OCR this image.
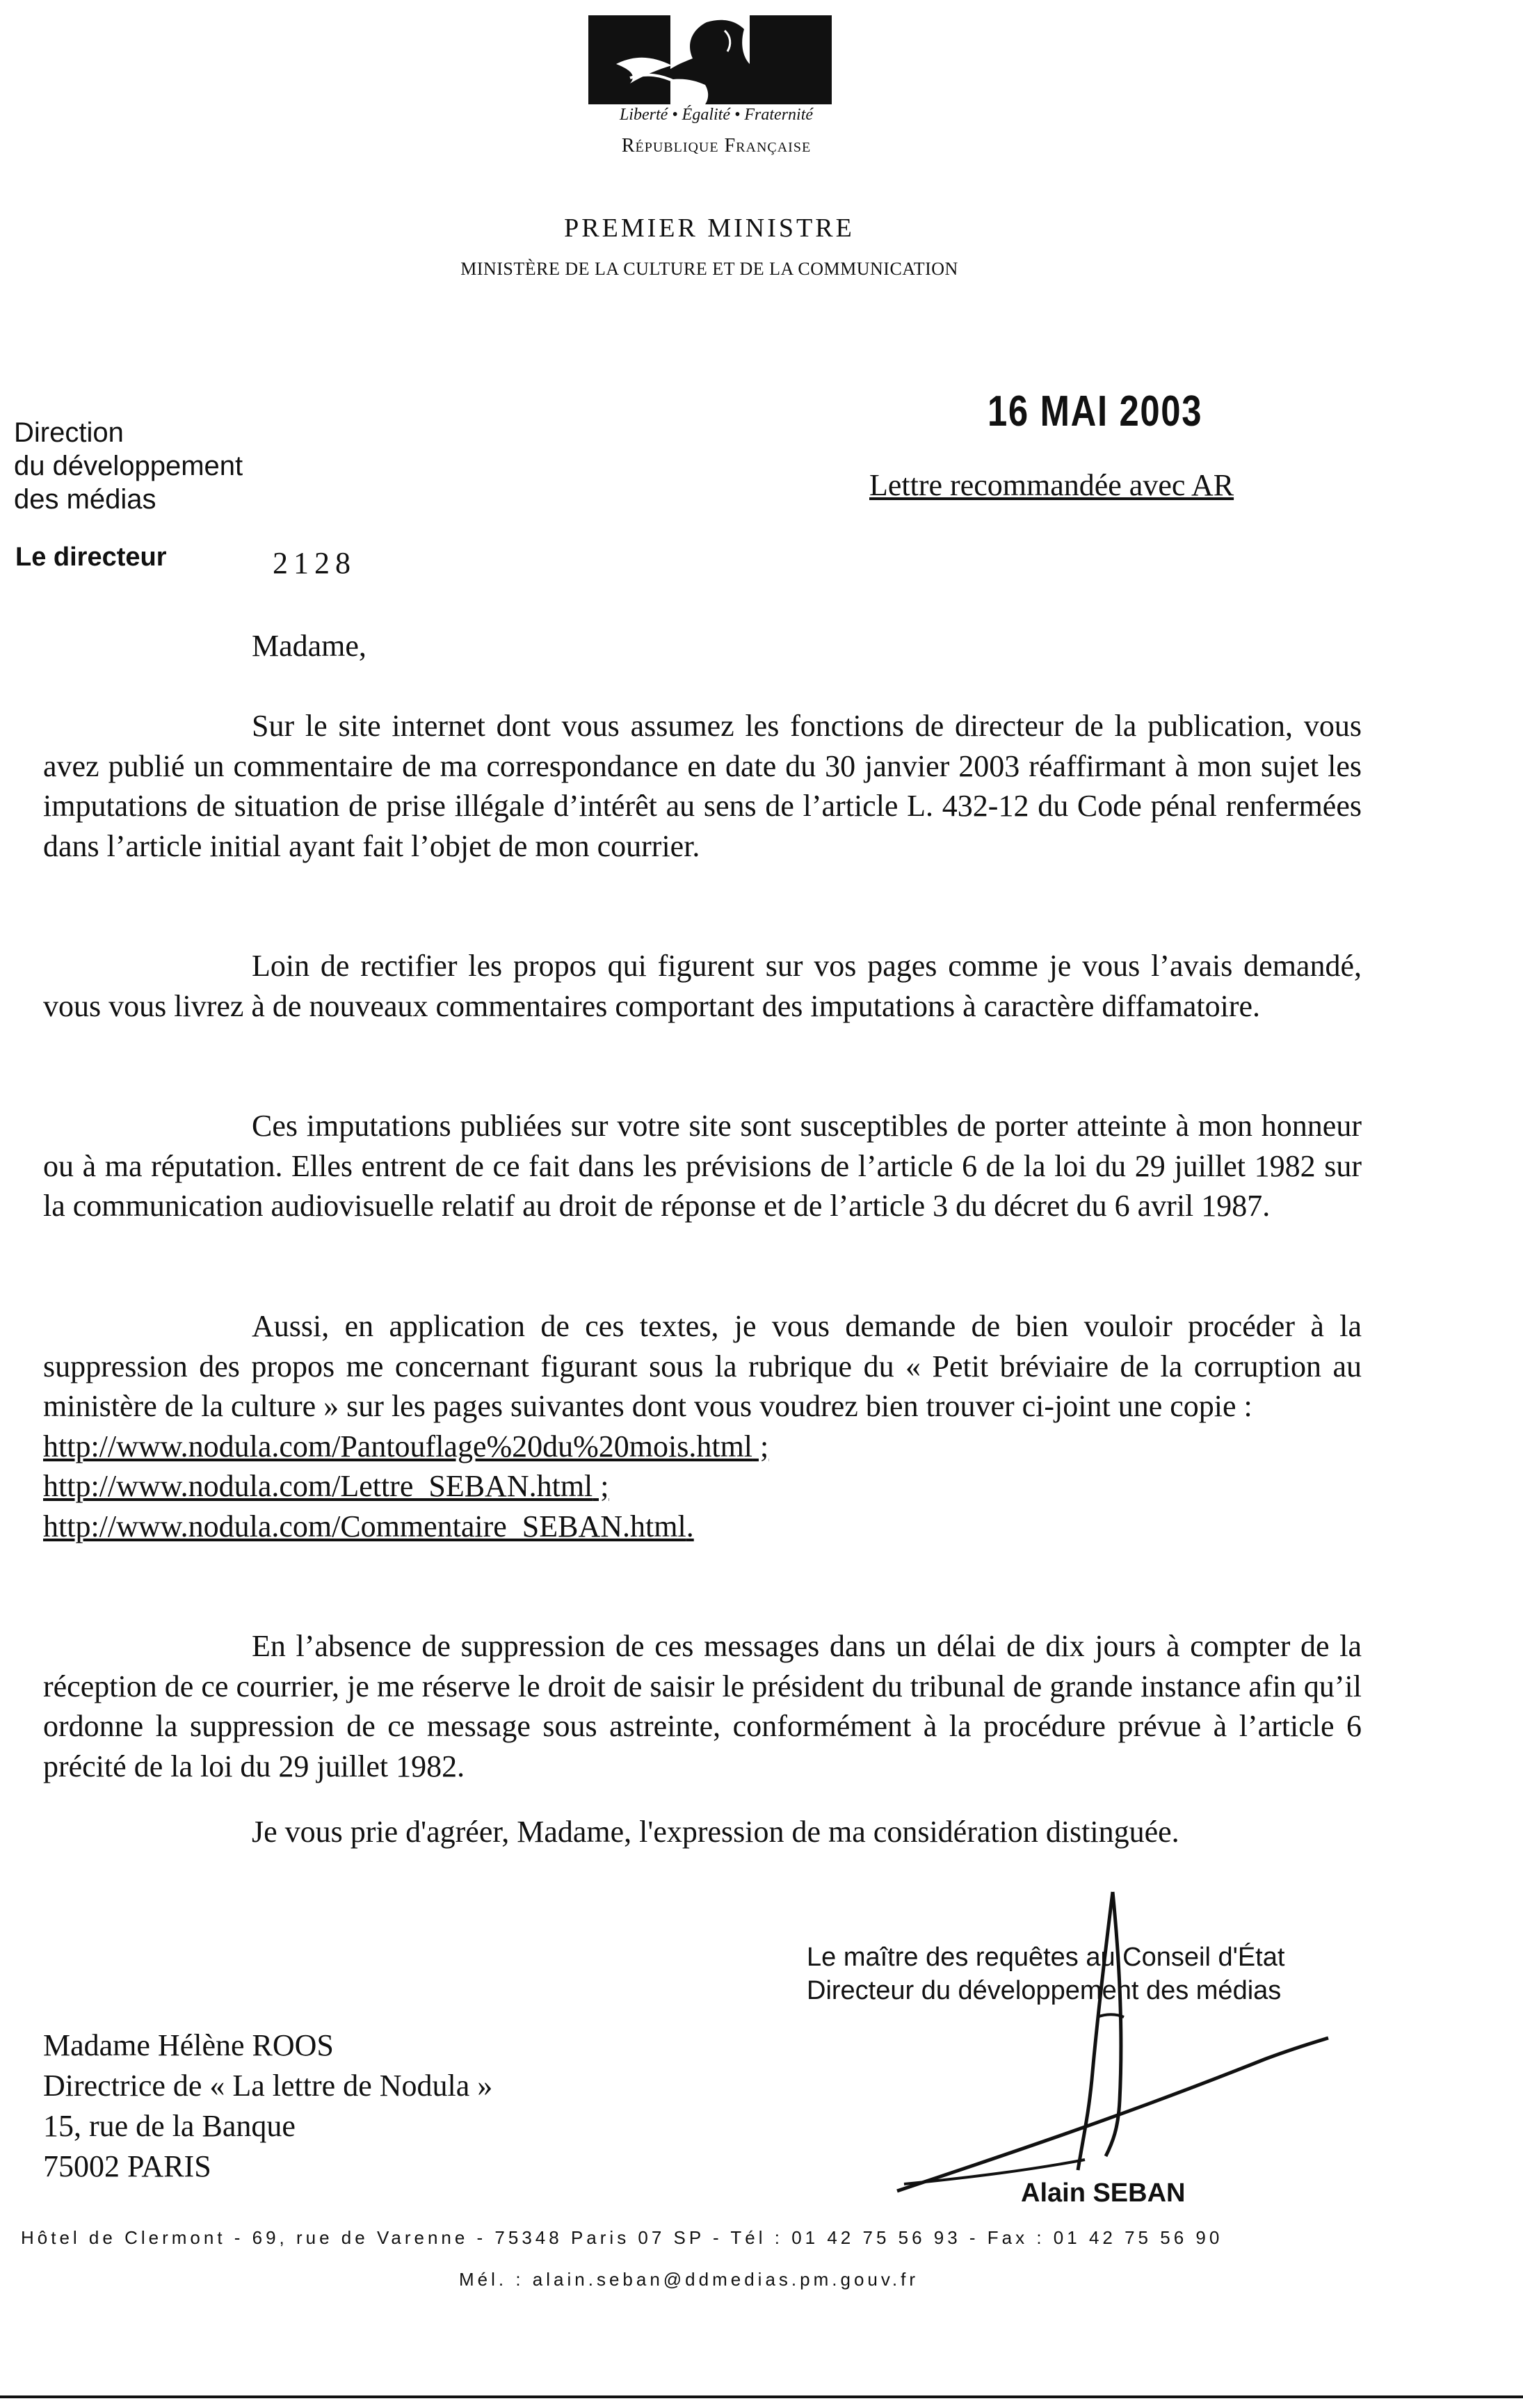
Liberté • Égalité • Fraternité
République Française
PREMIER MINISTRE
MINISTÈRE DE LA CULTURE ET DE LA COMMUNICATION
Direction
du développement
des médias
Le directeur	2128
16 MAI 2003
Lettre recommandée avec AR
Madame,

Sur le site internet dont vous assumez les fonctions de directeur de la publication, vous avez publié un commentaire de ma correspondance en date du 30 janvier 2003 réaffirmant à mon sujet les imputations de situation de prise illégale d’intérêt au sens de l’article L. 432-12 du Code pénal renfermées dans l’article initial ayant fait l’objet de mon courrier.

Loin de rectifier les propos qui figurent sur vos pages comme je vous l’avais demandé, vous vous livrez à de nouveaux commentaires comportant des imputations à caractère diffamatoire.

Ces imputations publiées sur votre site sont susceptibles de porter atteinte à mon honneur ou à ma réputation. Elles entrent de ce fait dans les prévisions de l’article 6 de la loi du 29 juillet 1982 sur la communication audiovisuelle relatif au droit de réponse et de l’article 3 du décret du 6 avril 1987.

Aussi, en application de ces textes, je vous demande de bien vouloir procéder à la suppression des propos me concernant figurant sous la rubrique du « Petit bréviaire de la corruption au ministère de la culture » sur les pages suivantes dont vous voudrez bien trouver ci-joint une copie :
http://www.nodula.com/Pantouflage%20du%20mois.html ;
http://www.nodula.com/Lettre_SEBAN.html ;
http://www.nodula.com/Commentaire_SEBAN.html.

En l’absence de suppression de ces messages dans un délai de dix jours à compter de la réception de ce courrier, je me réserve le droit de saisir le président du tribunal de grande instance afin qu’il ordonne la suppression de ce message sous astreinte, conformément à la procédure prévue à l’article 6 précité de la loi du 29 juillet 1982.

Je vous prie d'agréer, Madame, l'expression de ma considération distinguée.
Le maître des requêtes au Conseil d'État
Directeur du développement des médias
Alain SEBAN
Madame Hélène ROOS
Directrice de « La lettre de Nodula »
15, rue de la Banque
75002 PARIS
Hôtel de Clermont - 69, rue de Varenne - 75348 Paris 07 SP - Tél : 01 42 75 56 93 - Fax : 01 42 75 56 90
Mél. : alain.seban@ddmedias.pm.gouv.fr
